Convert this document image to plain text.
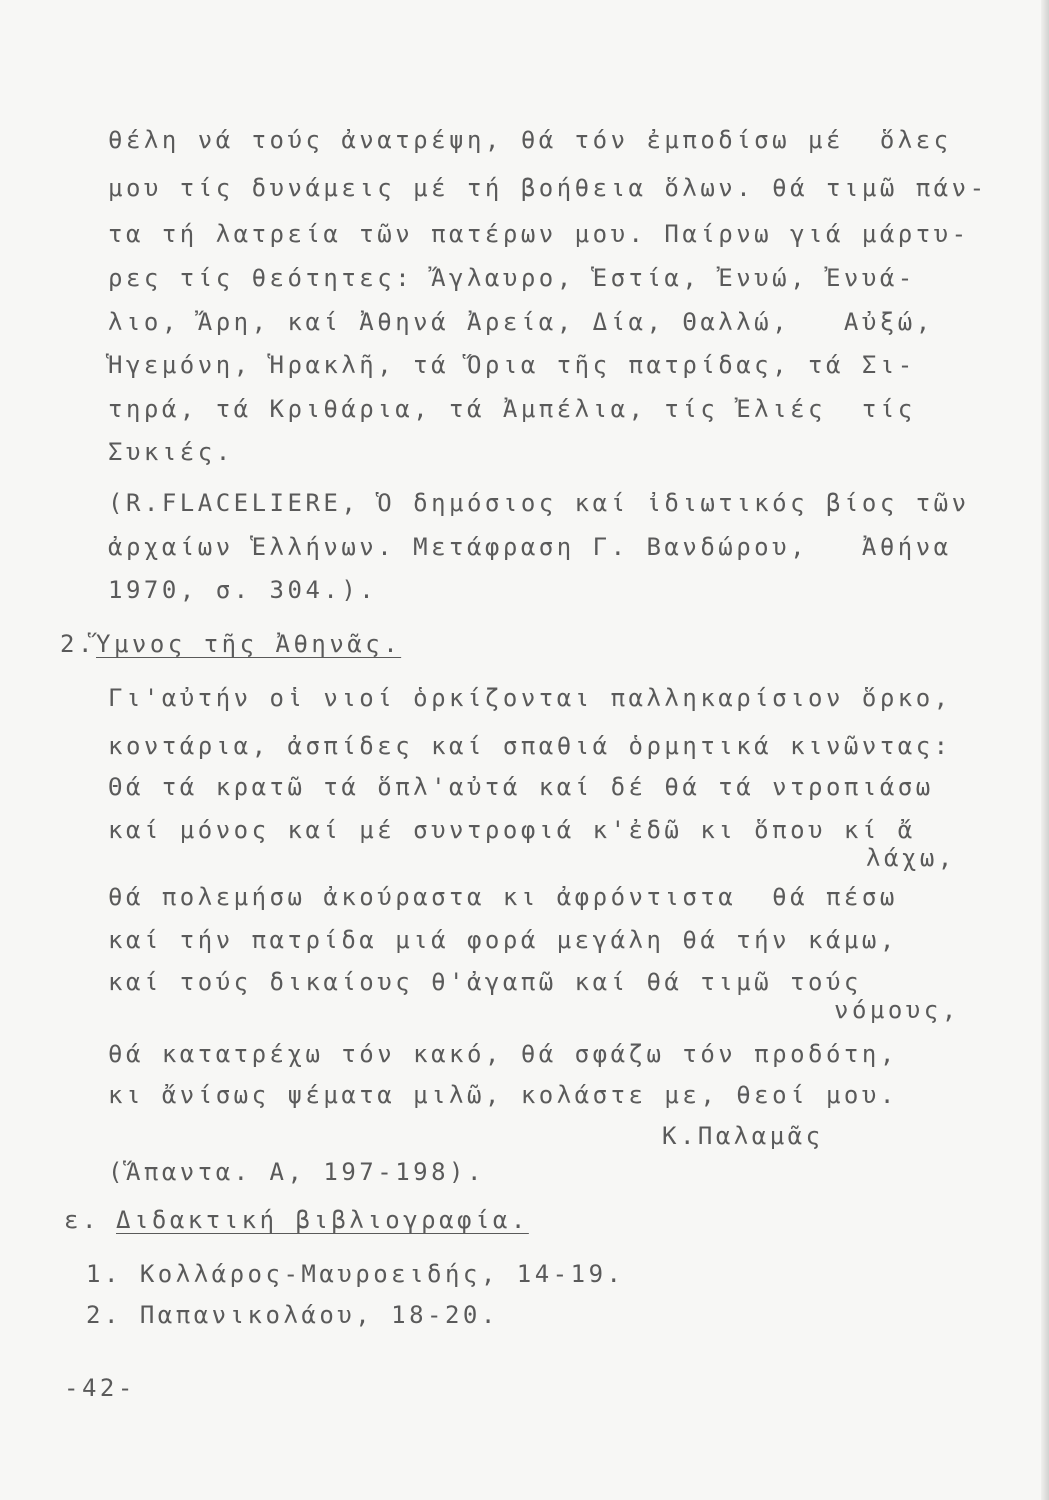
θέλη νά τούς ἀνατρέψη, θά τόν ἐμποδίσω μέ  ὅλες
μου τίς δυνάμεις μέ τή βοήθεια ὅλων. θά τιμῶ πάν-
τα τή λατρεία τῶν πατέρων μου. Παίρνω γιά μάρτυ-
ρες τίς θεότητες: Ἄγλαυρο, Ἑστία, Ἐνυώ, Ἐνυά-
λιο, Ἄρη, καί Ἀθηνά Ἀρεία, Δία, Θαλλώ,   Αὐξώ,
Ἡγεμόνη, Ἡρακλῆ, τά Ὅρια τῆς πατρίδας, τά Σι-
τηρά, τά Κριθάρια, τά Ἀμπέλια, τίς Ἐλιές  τίς
Συκιές.
(R.FLACELIERE, Ὁ δημόσιος καί ἰδιωτικός βίος τῶν
ἀρχαίων Ἑλλήνων. Μετάφραση Γ. Βανδώρου,   Ἀθήνα
1970, σ. 304.).
2. Ὕμνος τῆς Ἀθηνᾶς.
Γι'αὐτήν οἱ νιοί ὁρκίζονται παλληκαρίσιον ὅρκο,
κοντάρια, ἀσπίδες καί σπαθιά ὁρμητικά κινῶντας:
Θά τά κρατῶ τά ὅπλ'αὐτά καί δέ θά τά ντροπιάσω
καί μόνος καί μέ συντροφιά κ'ἐδῶ κι ὅπου κί ἄ
λάχω,
θά πολεμήσω ἀκούραστα κι ἀφρόντιστα  θά πέσω
καί τήν πατρίδα μιά φορά μεγάλη θά τήν κάμω,
καί τούς δικαίους θ'ἀγαπῶ καί θά τιμῶ τούς
νόμους,
θά κατατρέχω τόν κακό, θά σφάζω τόν προδότη,
κι ἄνίσως ψέματα μιλῶ, κολάστε με, θεοί μου.
Κ.Παλαμᾶς
(Ἅπαντα. Α, 197-198).
ε. Διδακτική βιβλιογραφία.
1. Κολλάρος-Μαυροειδής, 14-19.
2. Παπανικολάου, 18-20.
-42-
